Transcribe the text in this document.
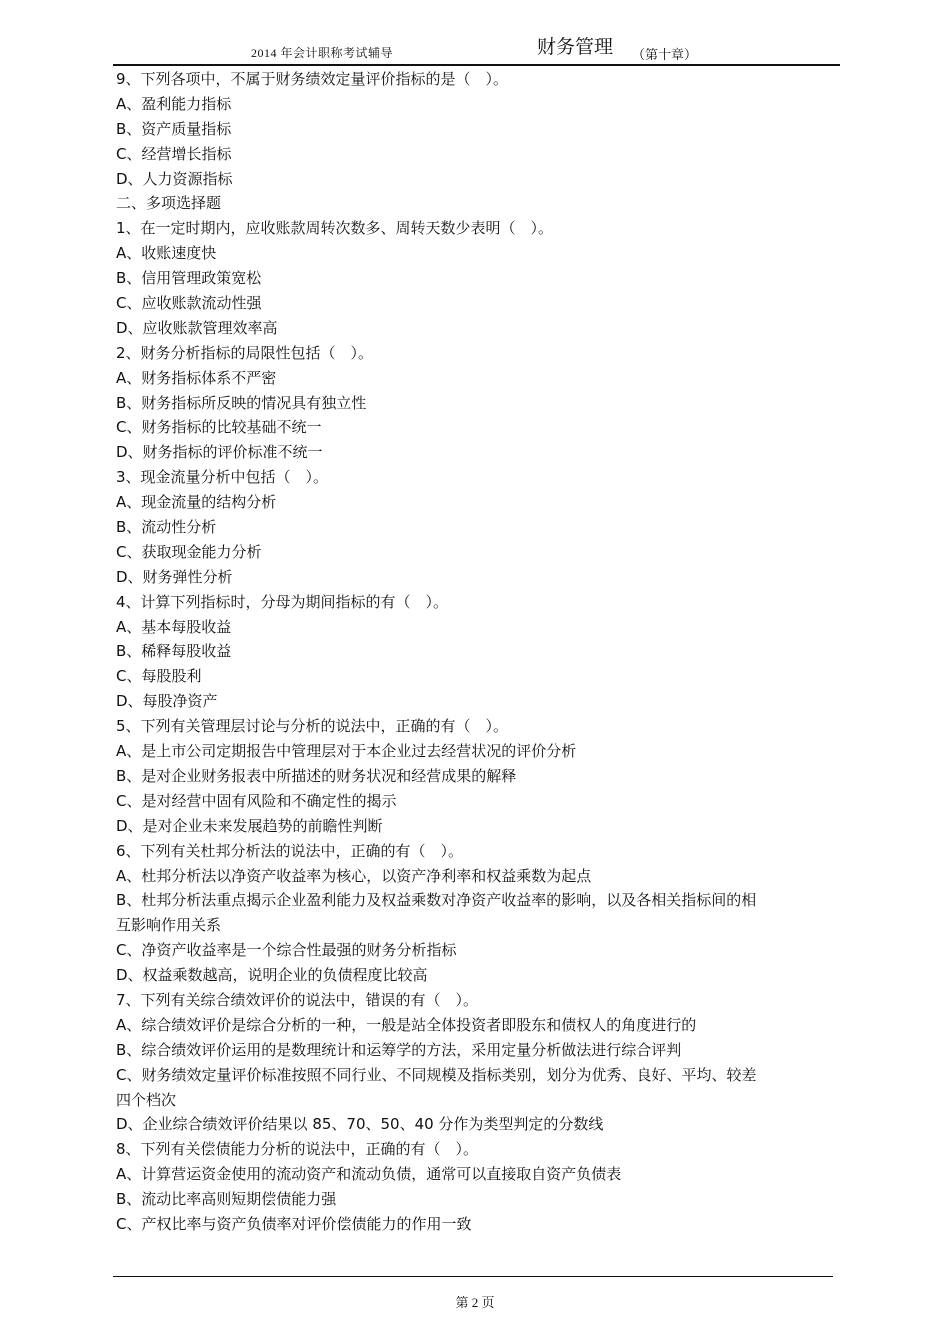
2014 年会计职称考试辅导	财务管理 （第十章）
9、下列各项中，不属于财务绩效定量评价指标的是（　）。
A、盈利能力指标
B、资产质量指标
C、经营增长指标
D、人力资源指标
二、多项选择题
1、在一定时期内，应收账款周转次数多、周转天数少表明（　）。
A、收账速度快
B、信用管理政策宽松
C、应收账款流动性强
D、应收账款管理效率高
2、财务分析指标的局限性包括（　）。
A、财务指标体系不严密
B、财务指标所反映的情况具有独立性
C、财务指标的比较基础不统一
D、财务指标的评价标准不统一
3、现金流量分析中包括（　）。
A、现金流量的结构分析
B、流动性分析
C、获取现金能力分析
D、财务弹性分析
4、计算下列指标时，分母为期间指标的有（　）。
A、基本每股收益
B、稀释每股收益
C、每股股利
D、每股净资产
5、下列有关管理层讨论与分析的说法中，正确的有（　）。
A、是上市公司定期报告中管理层对于本企业过去经营状况的评价分析
B、是对企业财务报表中所描述的财务状况和经营成果的解释
C、是对经营中固有风险和不确定性的揭示
D、是对企业未来发展趋势的前瞻性判断
6、下列有关杜邦分析法的说法中，正确的有（　）。
A、杜邦分析法以净资产收益率为核心，以资产净利率和权益乘数为起点
B、杜邦分析法重点揭示企业盈利能力及权益乘数对净资产收益率的影响，以及各相关指标间的相
互影响作用关系
C、净资产收益率是一个综合性最强的财务分析指标
D、权益乘数越高，说明企业的负债程度比较高
7、下列有关综合绩效评价的说法中，错误的有（　）。
A、综合绩效评价是综合分析的一种，一般是站全体投资者即股东和债权人的角度进行的
B、综合绩效评价运用的是数理统计和运筹学的方法，采用定量分析做法进行综合评判
C、财务绩效定量评价标准按照不同行业、不同规模及指标类别，划分为优秀、良好、平均、较差
四个档次
D、企业综合绩效评价结果以 85、70、50、40 分作为类型判定的分数线
8、下列有关偿债能力分析的说法中，正确的有（　）。
A、计算营运资金使用的流动资产和流动负债，通常可以直接取自资产负债表
B、流动比率高则短期偿债能力强
C、产权比率与资产负债率对评价偿债能力的作用一致
第 2 页
